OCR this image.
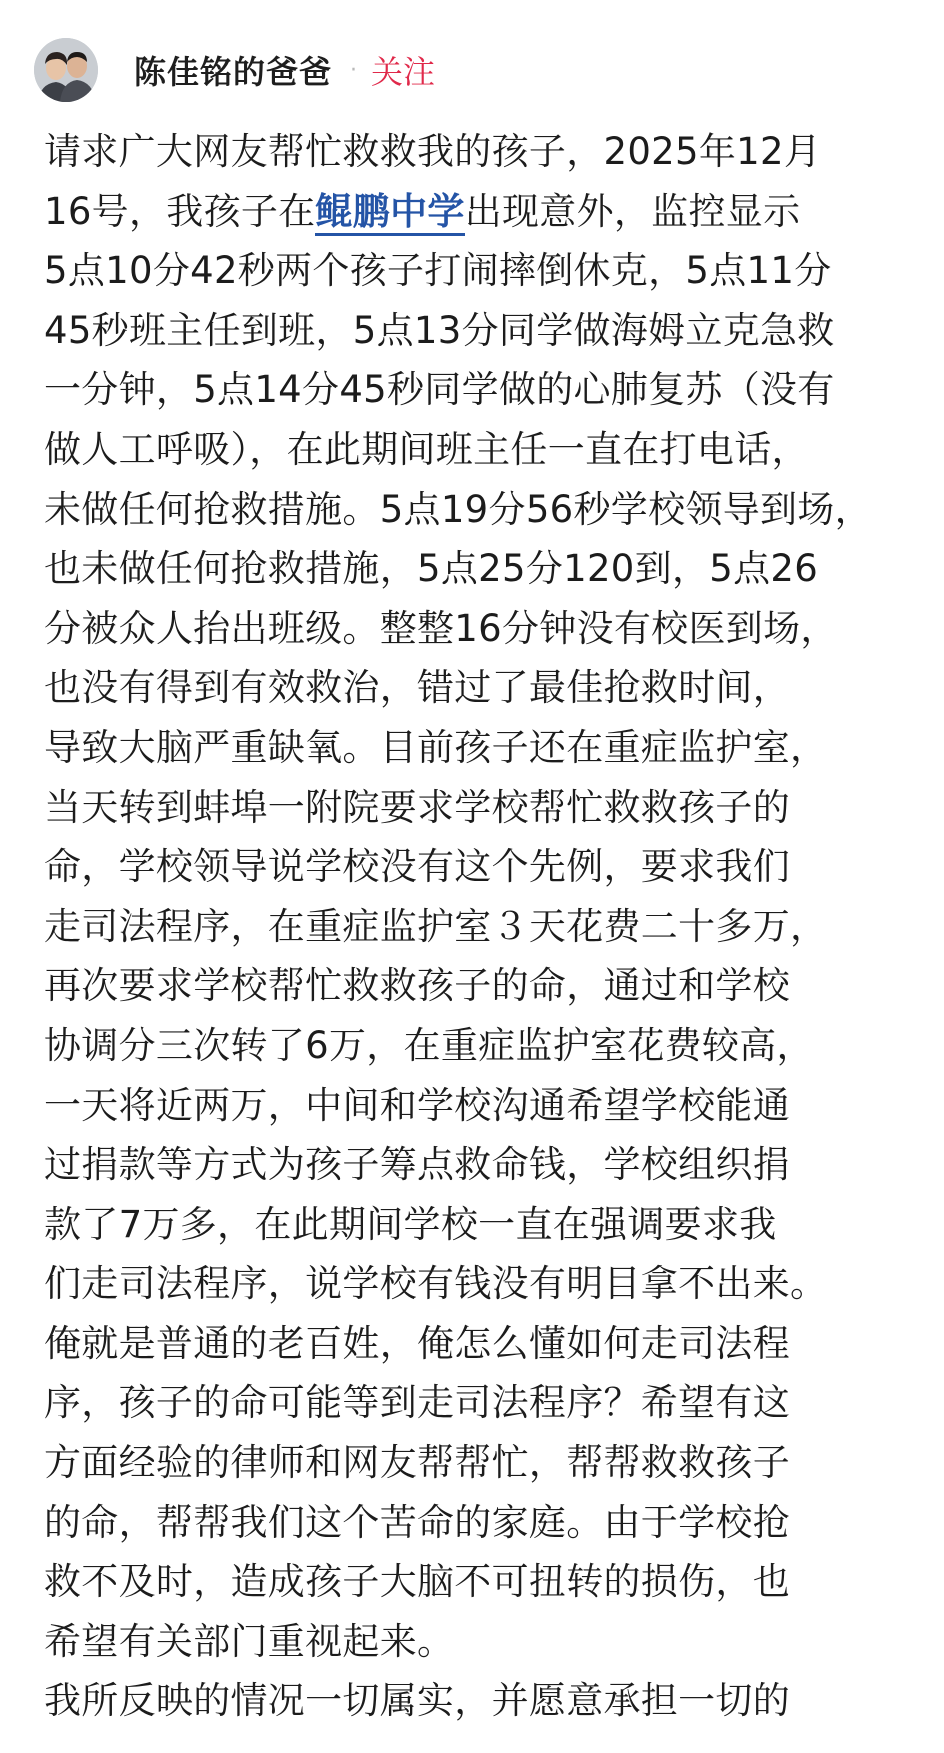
陈佳铭的爸爸 · 关注
请求广大网友帮忙救救我的孩子，2025年12月
16号，我孩子在鲲鹏中学出现意外，监控显示
5点10分42秒两个孩子打闹摔倒休克，5点11分
45秒班主任到班，5点13分同学做海姆立克急救
一分钟，5点14分45秒同学做的心肺复苏（没有
做人工呼吸），在此期间班主任一直在打电话，
未做任何抢救措施。5点19分56秒学校领导到场，
也未做任何抢救措施，5点25分120到，5点26
分被众人抬出班级。整整16分钟没有校医到场，
也没有得到有效救治，错过了最佳抢救时间，
导致大脑严重缺氧。目前孩子还在重症监护室，
当天转到蚌埠一附院要求学校帮忙救救孩子的
命，学校领导说学校没有这个先例，要求我们
走司法程序，在重症监护室３天花费二十多万，
再次要求学校帮忙救救孩子的命，通过和学校
协调分三次转了6万，在重症监护室花费较高，
一天将近两万，中间和学校沟通希望学校能通
过捐款等方式为孩子筹点救命钱，学校组织捐
款了7万多，在此期间学校一直在强调要求我
们走司法程序，说学校有钱没有明目拿不出来。
俺就是普通的老百姓，俺怎么懂如何走司法程
序，孩子的命可能等到走司法程序？希望有这
方面经验的律师和网友帮帮忙，帮帮救救孩子
的命，帮帮我们这个苦命的家庭。由于学校抢
救不及时，造成孩子大脑不可扭转的损伤，也
希望有关部门重视起来。
我所反映的情况一切属实，并愿意承担一切的
